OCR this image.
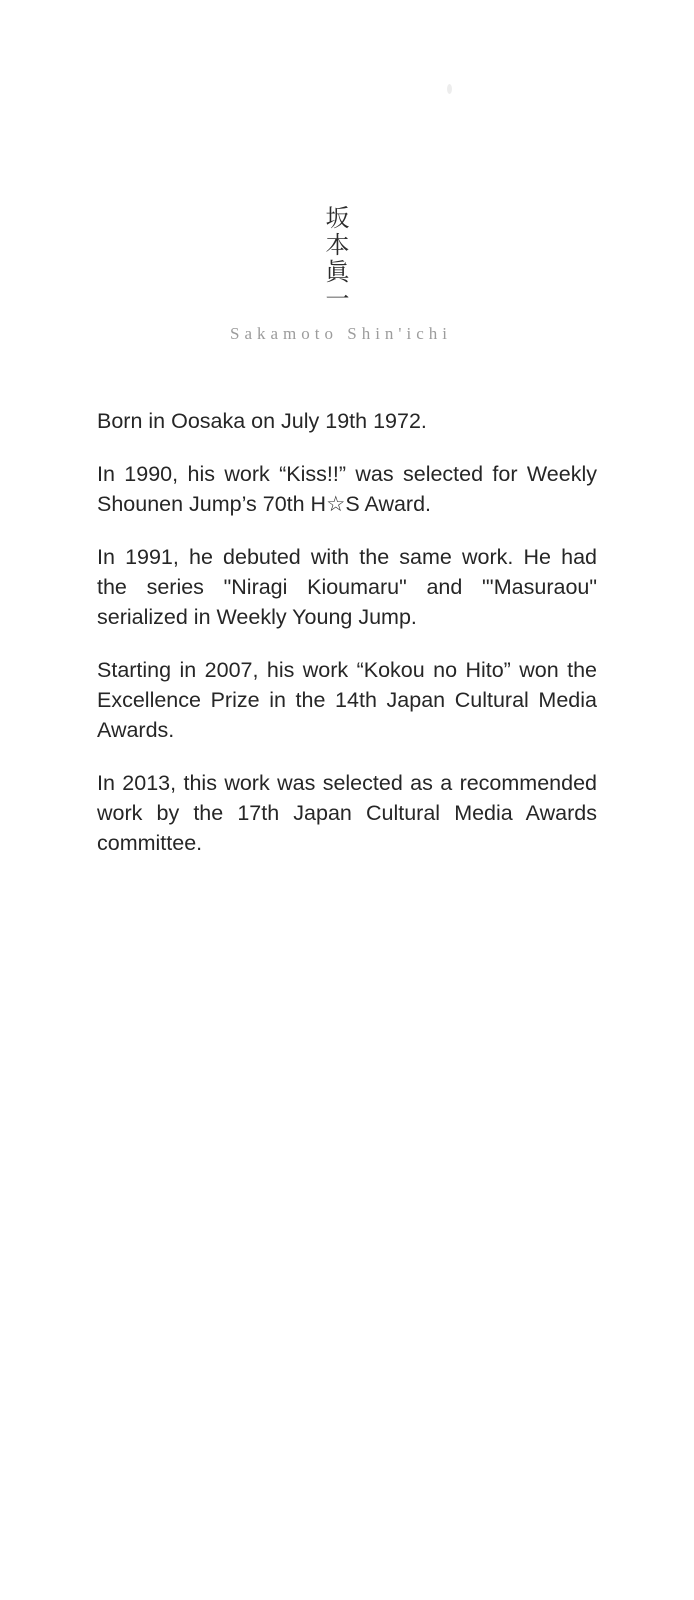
坂本眞一
Sakamoto Shin'ichi

Born in Oosaka on July 19th 1972.

In 1990, his work “Kiss!!” was selected for Weekly
Shounen Jump’s 70th H☆S Award.

In 1991, he debuted with the same work. He had
the series "Niragi Kioumaru" and "'Masuraou"
serialized in Weekly Young Jump.

Starting in 2007, his work “Kokou no Hito” won the
Excellence Prize in the 14th Japan Cultural Media
Awards.

In 2013, this work was selected as a recommended
work by the 17th Japan Cultural Media Awards
committee.
